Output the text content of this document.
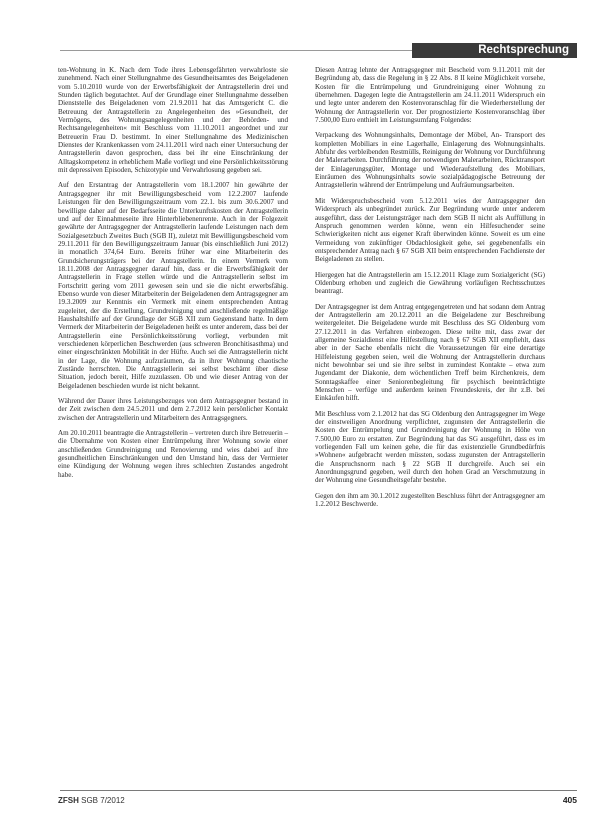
Rechtsprechung

ten-Wohnung in K. Nach dem Tode ihres Lebensgefährten verwahrloste sie zunehmend. Nach einer Stellungnahme des Gesundheitsamtes des Beigeladenen vom 5.10.2010 wurde von der Erwerbsfähigkeit der Antragstellerin drei und Stunden täglich begutachtet. Auf der Grundlage einer Stellungnahme desselben Dienststelle des Beigeladenen vom 21.9.2011 hat das Amtsgericht C. die Betreuung der Antragstellerin zu Angelegenheiten des »Gesundheit, der Vermögens, des Wohnungsangelegenheiten und der Behörden- und Rechtsangelegenheiten« mit Beschluss vom 11.10.2011 angeordnet und zur Betreuerin Frau D. bestimmt. In einer Stellungnahme des Medizinischen Dienstes der Krankenkassen vom 24.11.2011 wird nach einer Untersuchung der Antragstellerin davon gesprochen, dass bei ihr eine Einschränkung der Alltagskompetenz in erheblichem Maße vorliegt und eine Persönlichkeitsstörung mit depressiven Episoden, Schizotypie und Verwahrlosung gegeben sei.

Auf den Erstantrag der Antragstellerin vom 18.1.2007 hin gewährte der Antragsgegner ihr mit Bewilligungsbescheid vom 12.2.2007 laufende Leistungen für den Bewilligungszeitraum vom 22.1. bis zum 30.6.2007 und bewilligte daher auf der Bedarfsseite die Unterkunftskosten der Antragstellerin und auf der Einnahmeseite ihre Hinterbliebenenrente. Auch in der Folgezeit gewährte der Antragsgegner der Antragstellerin laufende Leistungen nach dem Sozialgesetzbuch Zweites Buch (SGB II), zuletzt mit Bewilligungsbescheid vom 29.11.2011 für den Bewilligungszeitraum Januar (bis einschließlich Juni 2012) in monatlich 374,64 Euro. Bereits früher war eine Mitarbeiterin des Grundsicherungsträgers bei der Antragstellerin. In einem Vermerk vom 18.11.2008 der Antragsgegner darauf hin, dass er die Erwerbsfähigkeit der Antragstellerin in Frage stellen würde und die Antragstellerin selbst im Fortschritt gering vom 2011 gewesen sein und sie die nicht erwerbsfähig. Ebenso wurde von dieser Mitarbeiterin der Beigeladenen dem Antragsgegner am 19.3.2009 zur Kenntnis ein Vermerk mit einem entsprechenden Antrag zugeleitet, der die Erstellung, Grundreinigung und anschließende regelmäßige Haushaltshilfe auf der Grundlage der SGB XII zum Gegenstand hatte. In dem Vermerk der Mitarbeiterin der Beigeladenen heißt es unter anderem, dass bei der Antragstellerin eine Persönlichkeitsstörung vorliegt, verbunden mit verschiedenen körperlichen Beschwerden (aus schweren Bronchitisasthma) und einer eingeschränkten Mobilität in der Hüfte. Auch sei die Antragstellerin nicht in der Lage, die Wohnung aufzuräumen, da in ihrer Wohnung chaotische Zustände herrschten. Die Antragstellerin sei selbst beschämt über diese Situation, jedoch bereit, Hilfe zuzulassen. Ob und wie dieser Antrag von der Beigeladenen beschieden wurde ist nicht bekannt.

Während der Dauer ihres Leistungsbezuges von dem Antragsgegner bestand in der Zeit zwischen dem 24.5.2011 und dem 2.7.2012 kein persönlicher Kontakt zwischen der Antragstellerin und Mitarbeitern des Antragsgegners.

Am 20.10.2011 beantragte die Antragstellerin – vertreten durch ihre Betreuerin – die Übernahme von Kosten einer Entrümpelung ihrer Wohnung sowie einer anschließenden Grundreinigung und Renovierung und wies dabei auf ihre gesundheitlichen Einschränkungen und den Umstand hin, dass der Vermieter eine Kündigung der Wohnung wegen ihres schlechten Zustandes angedroht habe.

Diesen Antrag lehnte der Antragsgegner mit Bescheid vom 9.11.2011 mit der Begründung ab, dass die Regelung in § 22 Abs. 8 II keine Möglichkeit vorsehe, Kosten für die Entrümpelung und Grundreinigung einer Wohnung zu übernehmen. Dagegen legte die Antragstellerin am 24.11.2011 Widerspruch ein und legte unter anderem den Kostenvoranschlag für die Wiederherstellung der Wohnung der Antragstellerin vor. Der prognostizierte Kostenvoranschlag über 7.500,00 Euro enthielt im Leistungsumfang Folgendes:

Verpackung des Wohnungsinhalts, Demontage der Möbel, An- Transport des kompletten Mobiliars in eine Lagerhalle, Einlagerung des Wohnungsinhalts. Abfuhr des verbleibenden Restmülls, Reinigung der Wohnung vor Durchführung der Malerarbeiten. Durchführung der notwendigen Malerarbeiten, Rücktransport der Einlagerungsgüter, Montage und Wiederaufstellung des Mobiliars, Einräumen des Wohnungsinhalts sowie sozialpädagogische Betreuung der Antragstellerin während der Entrümpelung und Aufräumungsarbeiten.

Mit Widerspruchsbescheid vom 5.12.2011 wies der Antragsgegner den Widerspruch als unbegründet zurück. Zur Begründung wurde unter anderem ausgeführt, dass der Leistungsträger nach dem SGB II nicht als Auffüllung in Anspruch genommen werden könne, wenn ein Hilfesuchender seine Schwierigkeiten nicht aus eigener Kraft überwinden könne. Soweit es um eine Vermeidung von zukünftiger Obdachlosigkeit gehe, sei gegebenenfalls ein entsprechender Antrag nach § 67 SGB XII beim entsprechenden Fachdienste der Beigeladenen zu stellen.

Hiergegen hat die Antragstellerin am 15.12.2011 Klage zum Sozialgericht (SG) Oldenburg erhoben und zugleich die Gewährung vorläufigen Rechtsschutzes beantragt.

Der Antragsgegner ist dem Antrag entgegengetreten und hat sodann dem Antrag der Antragstellerin am 20.12.2011 an die Beigeladene zur Beschreibung weitergeleitet. Die Beigeladene wurde mit Beschluss des SG Oldenburg vom 27.12.2011 in das Verfahren einbezogen. Diese teilte mit, dass zwar der allgemeine Sozialdienst eine Hilfestellung nach § 67 SGB XII empfiehlt, dass aber in der Sache ebenfalls nicht die Voraussetzungen für eine derartige Hilfeleistung gegeben seien, weil die Wohnung der Antragstellerin durchaus nicht bewohnbar sei und sie ihre selbst in zumindest Kontakte – etwa zum Jugendamt der Diakonie, dem wöchentlichen Treff beim Kirchenkreis, dem Sonntagskaffee einer Seniorenbegleitung für psychisch beeinträchtigte Menschen – verfüge und außerdem keinen Freundeskreis, der ihr z.B. bei Einkäufen hilft.

Mit Beschluss vom 2.1.2012 hat das SG Oldenburg den Antragsgegner im Wege der einstweiligen Anordnung verpflichtet, zugunsten der Antragstellerin die Kosten der Entrümpelung und Grundreinigung der Wohnung in Höhe von 7.500,00 Euro zu erstatten. Zur Begründung hat das SG ausgeführt, dass es im vorliegenden Fall um keinen gehe, die für das existenzielle Grundbedürfnis »Wohnen« aufgebracht werden müssten, sodass zugunsten der Antragstellerin die Anspruchsnorm nach § 22 SGB II durchgreife. Auch sei ein Anordnungsgrund gegeben, weil durch den hohen Grad an Verschmutzung in der Wohnung eine Gesundheitsgefahr bestehe.

Gegen den ihm am 30.1.2012 zugestellten Beschluss führt der Antragsgegner am 1.2.2012 Beschwerde.

ZFSH SGB 7/2012	405
